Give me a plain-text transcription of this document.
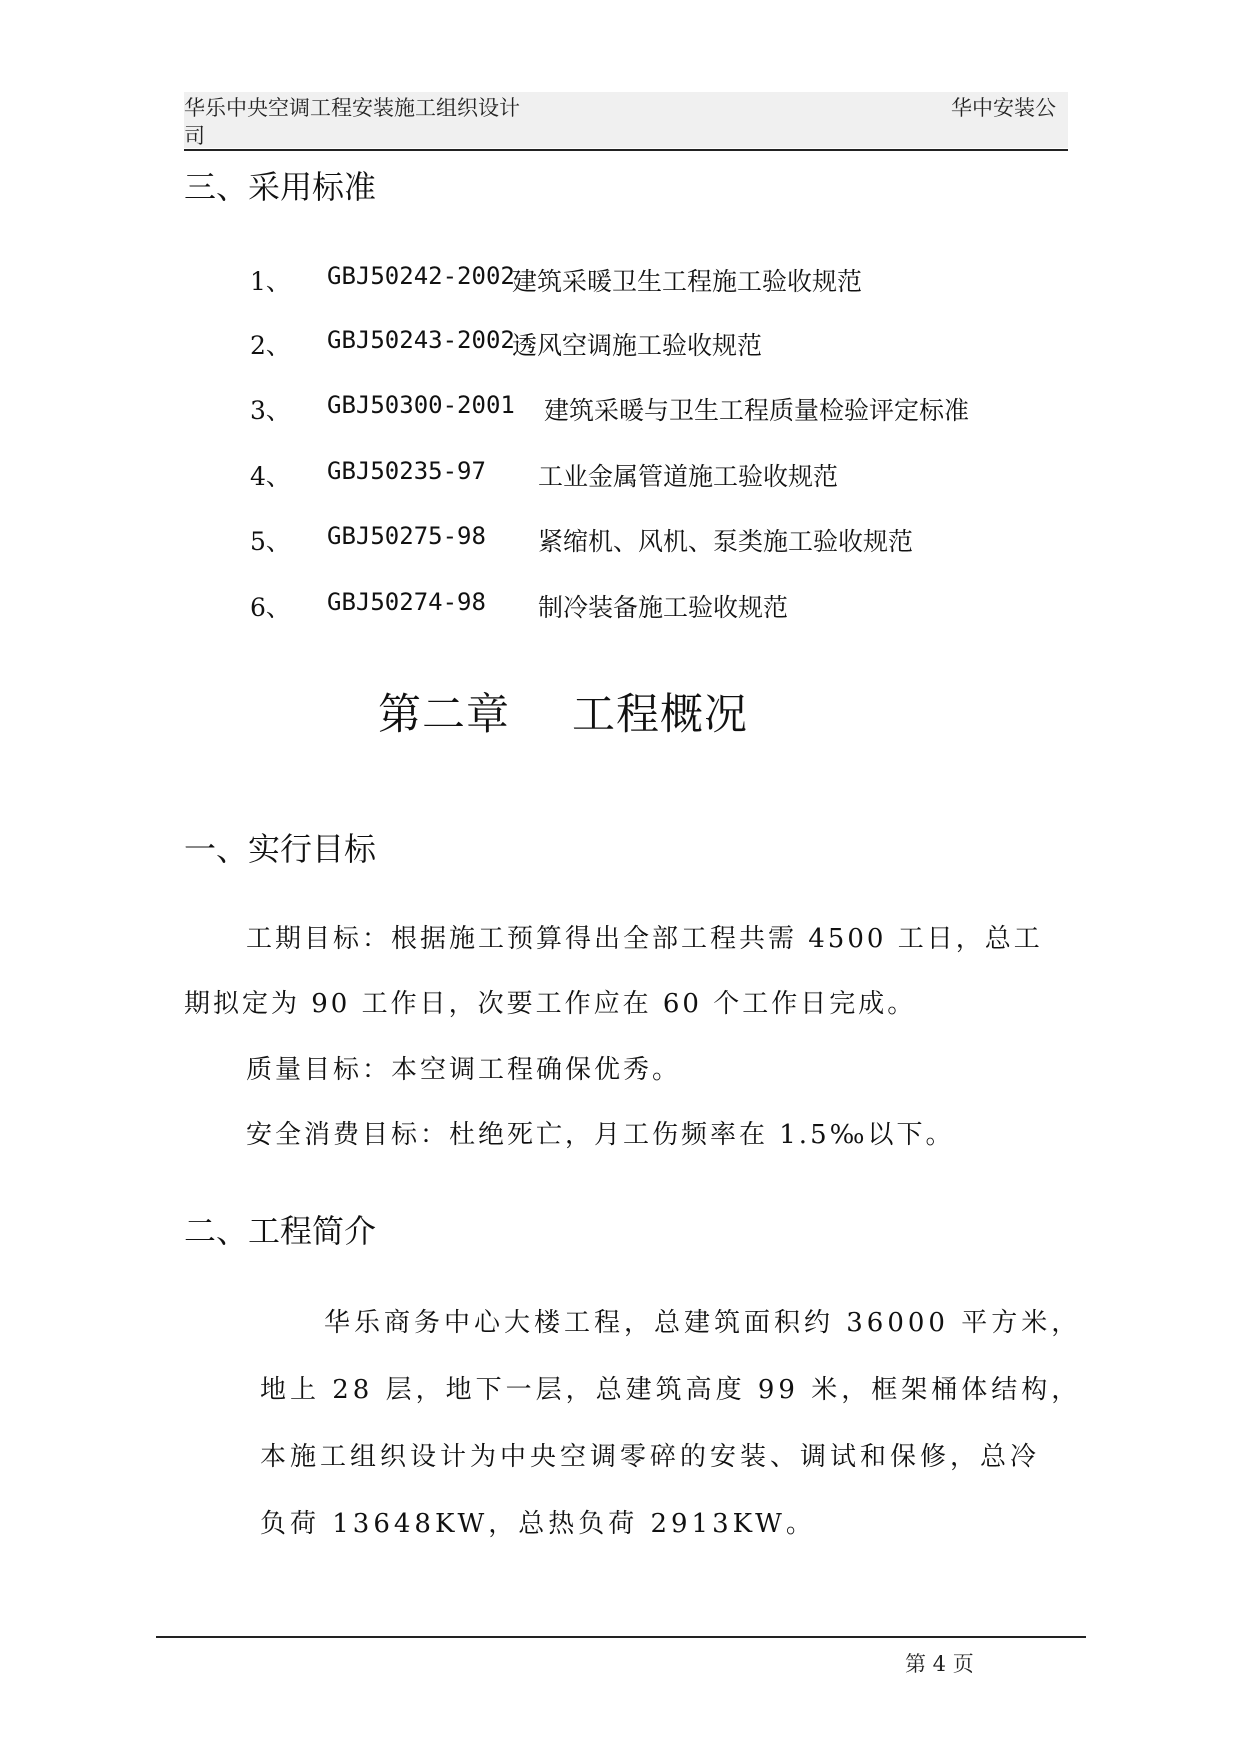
华乐中央空调工程安装施工组织设计	华中安装公
司
三、采用标准
1、 GBJ50242-2002
建筑采暖卫生工程施工验收规范
2、 GBJ50243-2002
透风空调施工验收规范
3、 GBJ50300-2001 建筑采暖与卫生工程质量检验评定标准
4、 GBJ50235-97 工业金属管道施工验收规范
5、 GBJ50275-98 紧缩机、风机、泵类施工验收规范
6、 GBJ50274-98 制冷装备施工验收规范
第二章 工程概况
一、实行目标
工期目标：根据施工预算得出全部工程共需 4500 工日，总工
期拟定为 90 工作日，次要工作应在 60 个工作日完成。
质量目标：本空调工程确保优秀。
安全消费目标：杜绝死亡，月工伤频率在 1.5‰以下。
二、工程简介
华乐商务中心大楼工程，总建筑面积约 36000 平方米，
地上 28 层，地下一层，总建筑高度 99 米，框架桶体结构，
本施工组织设计为中央空调零碎的安装、调试和保修，总冷
负荷 13648KW，总热负荷 2913KW。
第 4 页
